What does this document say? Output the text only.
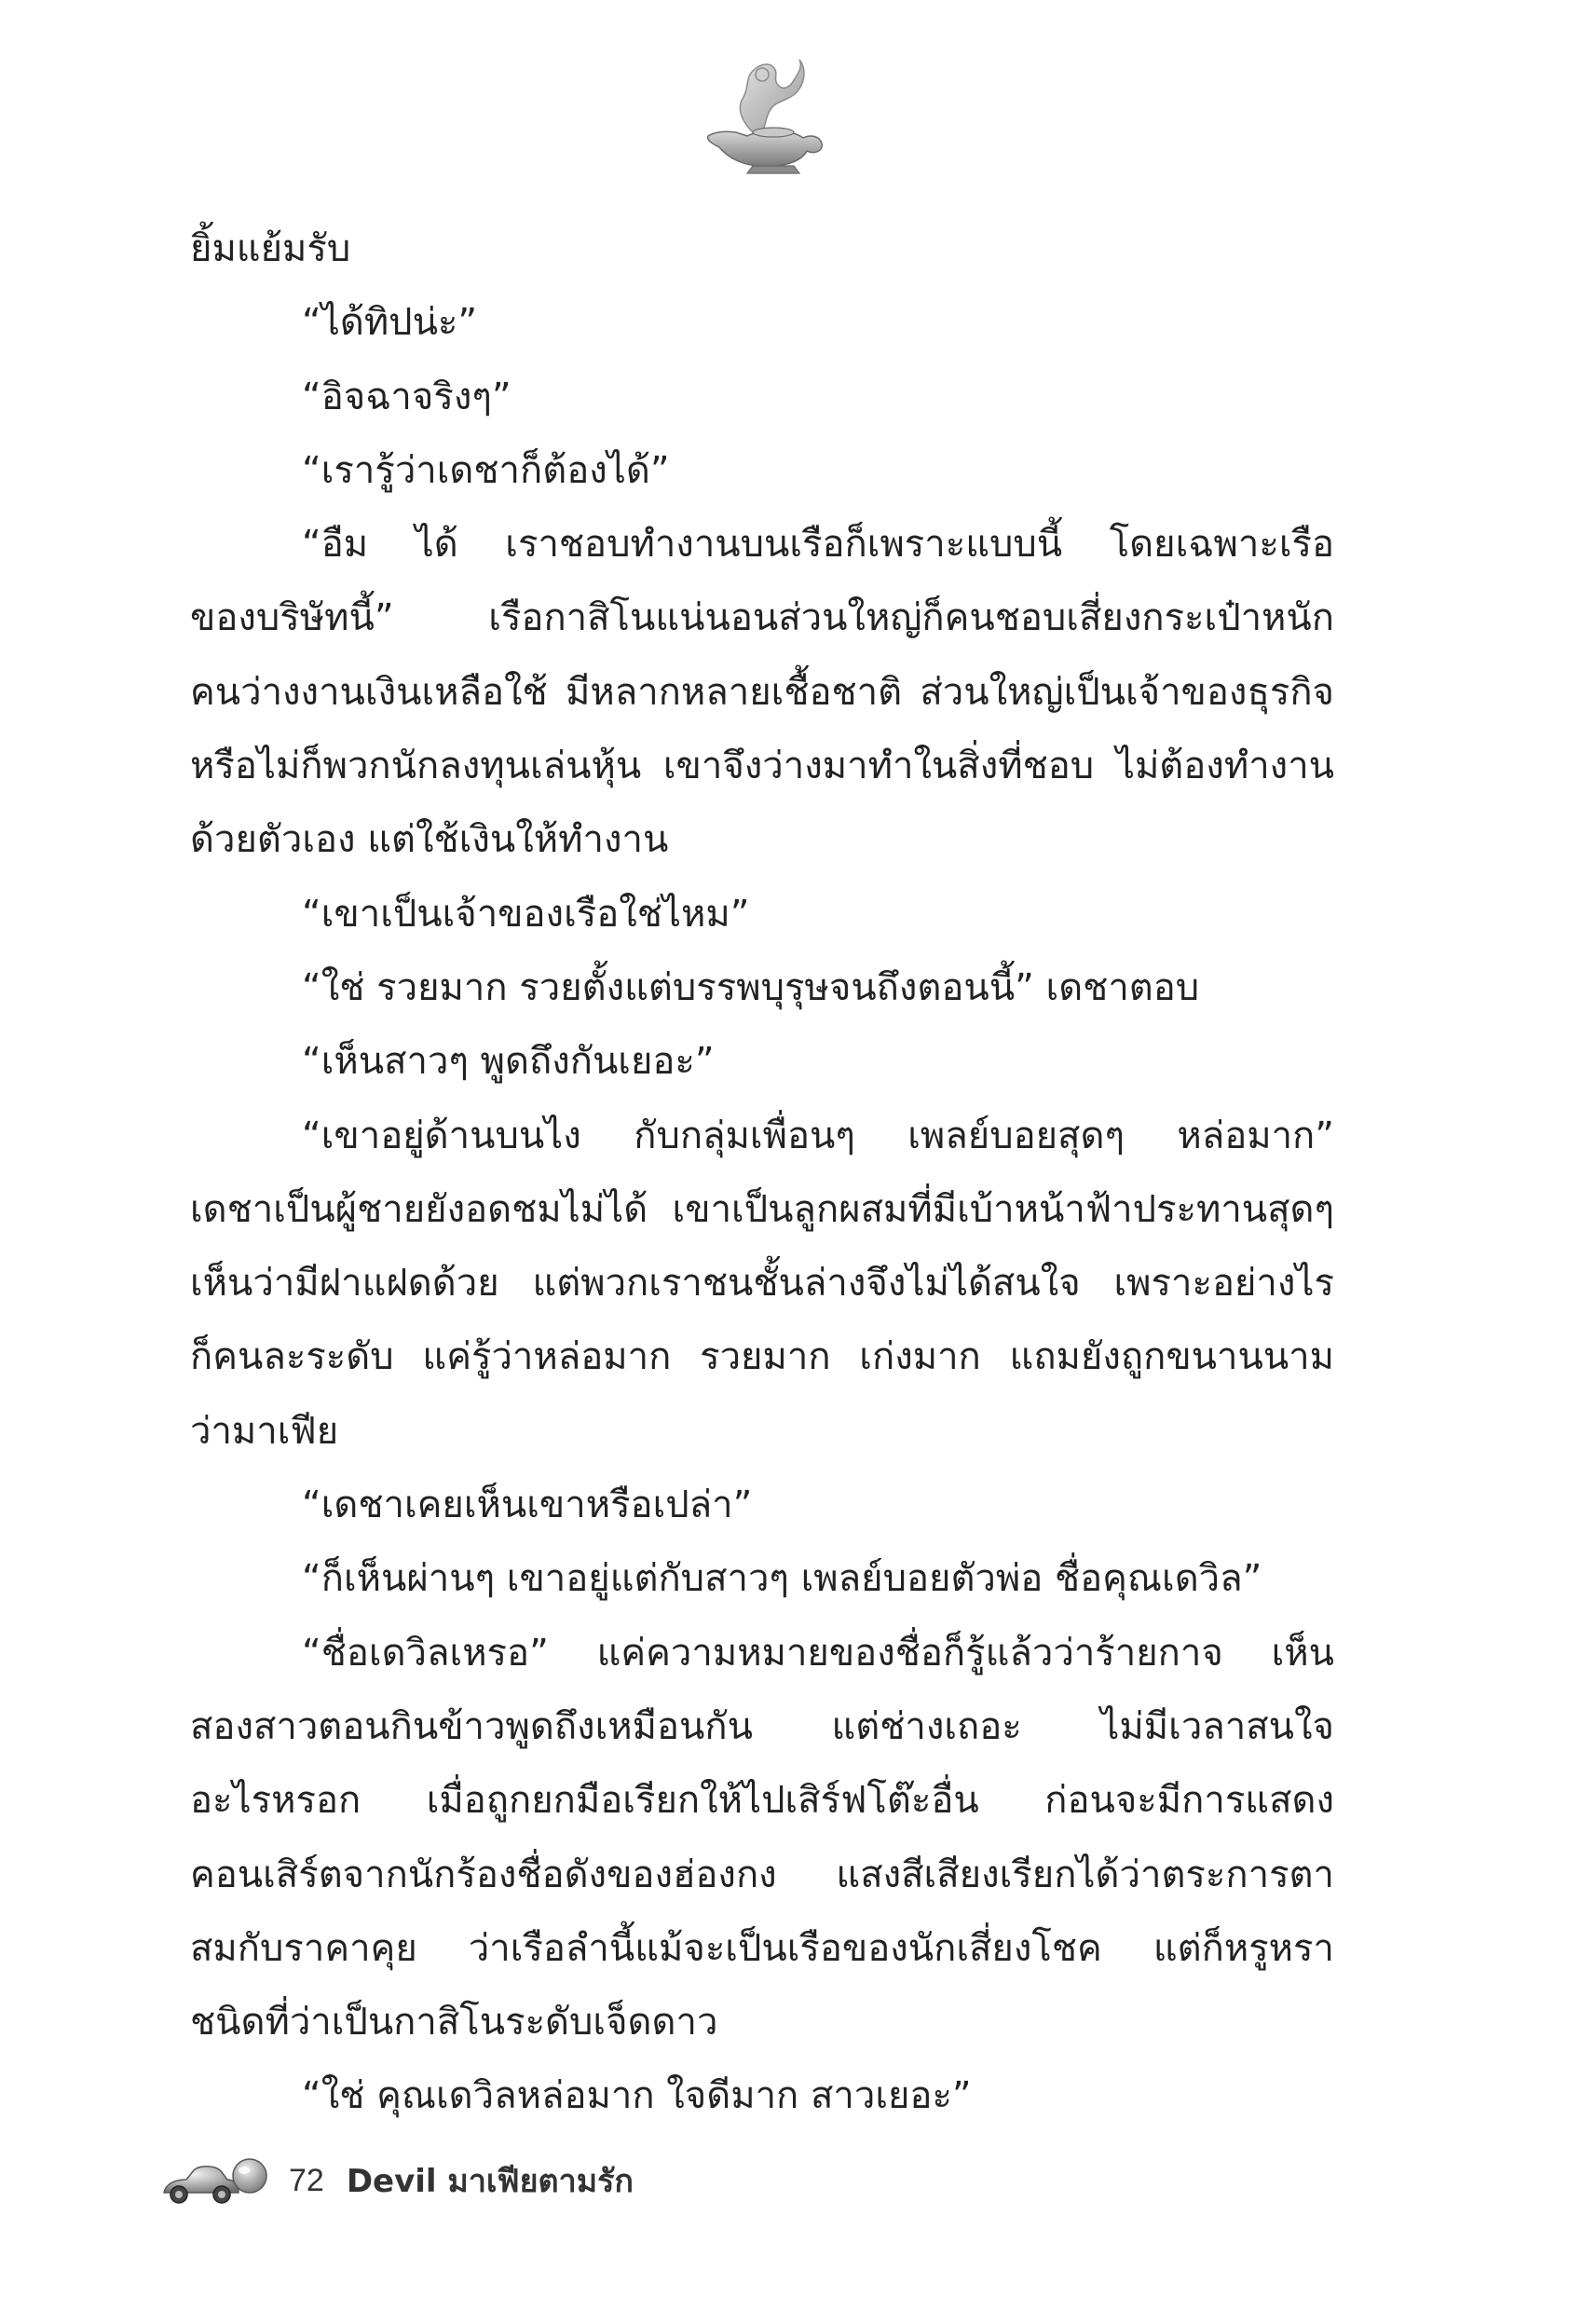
ยิ้มแย้มรับ
“ได้ทิปน่ะ”
“อิจฉาจริงๆ”
“เรารู้ว่าเดชาก็ต้องได้”
“อืม ได้ เราชอบทำงานบนเรือก็เพราะแบบนี้ โดยเฉพาะเรือ
ของบริษัทนี้” เรือกาสิโนแน่นอนส่วนใหญ่ก็คนชอบเสี่ยงกระเป๋าหนัก
คนว่างงานเงินเหลือใช้ มีหลากหลายเชื้อชาติ ส่วนใหญ่เป็นเจ้าของธุรกิจ
หรือไม่ก็พวกนักลงทุนเล่นหุ้น เขาจึงว่างมาทำในสิ่งที่ชอบ ไม่ต้องทำงาน
ด้วยตัวเอง แต่ใช้เงินให้ทำงาน
“เขาเป็นเจ้าของเรือใช่ไหม”
“ใช่ รวยมาก รวยตั้งแต่บรรพบุรุษจนถึงตอนนี้” เดชาตอบ
“เห็นสาวๆ พูดถึงกันเยอะ”
“เขาอยู่ด้านบนไง กับกลุ่มเพื่อนๆ เพลย์บอยสุดๆ หล่อมาก”
เดชาเป็นผู้ชายยังอดชมไม่ได้ เขาเป็นลูกผสมที่มีเบ้าหน้าฟ้าประทานสุดๆ
เห็นว่ามีฝาแฝดด้วย แต่พวกเราชนชั้นล่างจึงไม่ได้สนใจ เพราะอย่างไร
ก็คนละระดับ แค่รู้ว่าหล่อมาก รวยมาก เก่งมาก แถมยังถูกขนานนาม
ว่ามาเฟีย
“เดชาเคยเห็นเขาหรือเปล่า”
“ก็เห็นผ่านๆ เขาอยู่แต่กับสาวๆ เพลย์บอยตัวพ่อ ชื่อคุณเดวิล”
“ชื่อเดวิลเหรอ” แค่ความหมายของชื่อก็รู้แล้วว่าร้ายกาจ เห็น
สองสาวตอนกินข้าวพูดถึงเหมือนกัน แต่ช่างเถอะ ไม่มีเวลาสนใจ
อะไรหรอก เมื่อถูกยกมือเรียกให้ไปเสิร์ฟโต๊ะอื่น ก่อนจะมีการแสดง
คอนเสิร์ตจากนักร้องชื่อดังของฮ่องกง แสงสีเสียงเรียกได้ว่าตระการตา
สมกับราคาคุย ว่าเรือลำนี้แม้จะเป็นเรือของนักเสี่ยงโชค แต่ก็หรูหรา
ชนิดที่ว่าเป็นกาสิโนระดับเจ็ดดาว
“ใช่ คุณเดวิลหล่อมาก ใจดีมาก สาวเยอะ”
72 Devil มาเฟียตามรัก
